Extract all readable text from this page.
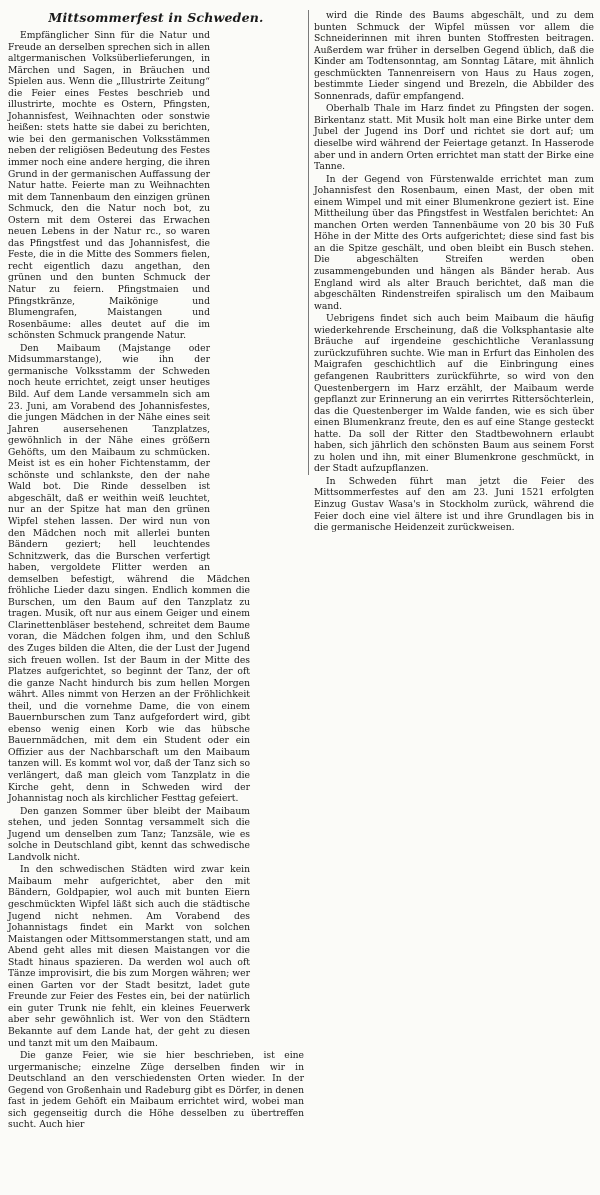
Mittsommerfest in Schweden.

Empfänglicher Sinn für die Natur und Freude an derselben sprechen sich in allen altgermanischen Volksüberlieferungen, in Märchen und Sagen, in Bräuchen und Spielen aus. Wenn die „Illustrirte Zeitung“ die Feier eines Festes beschrieb und illustrirte, mochte es Ostern, Pfingsten, Johannisfest, Weihnachten oder sonstwie heißen: stets hatte sie dabei zu berichten, wie bei den germanischen Volksstämmen neben der religiösen Bedeutung des Festes immer noch eine andere herging, die ihren Grund in der germanischen Auffassung der Natur hatte. Feierte man zu Weihnachten mit dem Tannenbaum den einzigen grünen Schmuck, den die Natur noch bot, zu Ostern mit dem Osterei das Erwachen neuen Lebens in der Natur rc., so waren das Pfingstfest und das Johannisfest, die Feste, die in die Mitte des Sommers fielen, recht eigentlich dazu angethan, den grünen und den bunten Schmuck der Natur zu feiern. Pfingstmaien und Pfingstkränze, Maikönige und Blumengrafen, Maistangen und Rosenbäume: alles deutet auf die im schönsten Schmuck prangende Natur.

Den Maibaum (Majstange oder Midsummarstange), wie ihn der germanische Volksstamm der Schweden noch heute errichtet, zeigt unser heutiges Bild. Auf dem Lande versammeln sich am 23. Juni, am Vorabend des Johannisfestes, die jungen Mädchen in der Nähe eines seit Jahren ausersehenen Tanzplatzes, gewöhnlich in der Nähe eines größern Gehöfts, um den Maibaum zu schmücken. Meist ist es ein hoher Fichtenstamm, der schönste und schlankste, den der nahe Wald bot. Die Rinde desselben ist abgeschält, daß er weithin weiß leuchtet, nur an der Spitze hat man den grünen Wipfel stehen lassen. Der wird nun von den Mädchen noch mit allerlei bunten Bändern geziert; hell leuchtendes Schnitzwerk, das die Burschen verfertigt haben, vergoldete Flitter werden an demselben befestigt, während die Mädchen fröhliche Lieder dazu singen. Endlich kommen die Burschen, um den Baum auf den Tanzplatz zu tragen. Musik, oft nur aus einem Geiger und einem Clarinettenbläser bestehend, schreitet dem Baume voran, die Mädchen folgen ihm, und den Schluß des Zuges bilden die Alten, die der Lust der Jugend sich freuen wollen. Ist der Baum in der Mitte des Platzes aufgerichtet, so beginnt der Tanz, der oft die ganze Nacht hindurch bis zum hellen Morgen währt. Alles nimmt von Herzen an der Fröhlichkeit theil, und die vornehme Dame, die von einem Bauernburschen zum Tanz aufgefordert wird, gibt ebenso wenig einen Korb wie das hübsche Bauernmädchen, mit dem ein Student oder ein Offizier aus der Nachbarschaft um den Maibaum tanzen will. Es kommt wol vor, daß der Tanz sich so verlängert, daß man gleich vom Tanzplatz in die Kirche geht, denn in Schweden wird der Johannistag noch als kirchlicher Festtag gefeiert.

Den ganzen Sommer über bleibt der Maibaum stehen, und jeden Sonntag versammelt sich die Jugend um denselben zum Tanz; Tanzsäle, wie es solche in Deutschland gibt, kennt das schwedische Landvolk nicht.

In den schwedischen Städten wird zwar kein Maibaum mehr aufgerichtet, aber den mit Bändern, Goldpapier, wol auch mit bunten Eiern geschmückten Wipfel läßt sich auch die städtische Jugend nicht nehmen. Am Vorabend des Johannistags findet ein Markt von solchen Maistangen oder Mittsommerstangen statt, und am Abend geht alles mit diesen Maistangen vor die Stadt hinaus spazieren. Da werden wol auch oft Tänze improvisirt, die bis zum Morgen währen; wer einen Garten vor der Stadt besitzt, ladet gute Freunde zur Feier des Festes ein, bei der natürlich ein guter Trunk nie fehlt, ein kleines Feuerwerk aber sehr gewöhnlich ist. Wer von den Städtern Bekannte auf dem Lande hat, der geht zu diesen und tanzt mit um den Maibaum.

Die ganze Feier, wie sie hier beschrieben, ist eine urgermanische; einzelne Züge derselben finden wir in Deutschland an den verschiedensten Orten wieder. In der Gegend von Großenhain und Radeburg gibt es Dörfer, in denen fast in jedem Gehöft ein Maibaum errichtet wird, wobei man sich gegenseitig durch die Höhe desselben zu übertreffen sucht. Auch hier

wird die Rinde des Baums abgeschält, und zu dem bunten Schmuck der Wipfel müssen vor allem die Schneiderinnen mit ihren bunten Stoffresten beitragen. Außerdem war früher in derselben Gegend üblich, daß die Kinder am Todtensonntag, am Sonntag Lätare, mit ähnlich geschmückten Tannenreisern von Haus zu Haus zogen, bestimmte Lieder singend und Brezeln, die Abbilder des Sonnenrads, dafür empfangend.

Oberhalb Thale im Harz findet zu Pfingsten der sogen. Birkentanz statt. Mit Musik holt man eine Birke unter dem Jubel der Jugend ins Dorf und richtet sie dort auf; um dieselbe wird während der Feiertage getanzt. In Hasserode aber und in andern Orten errichtet man statt der Birke eine Tanne.

In der Gegend von Fürstenwalde errichtet man zum Johannisfest den Rosenbaum, einen Mast, der oben mit einem Wimpel und mit einer Blumenkrone geziert ist. Eine Mittheilung über das Pfingstfest in Westfalen berichtet: An manchen Orten werden Tannenbäume von 20 bis 30 Fuß Höhe in der Mitte des Orts aufgerichtet; diese sind fast bis an die Spitze geschält, und oben bleibt ein Busch stehen. Die abgeschälten Streifen werden oben zusammengebunden und hängen als Bänder herab. Aus England wird als alter Brauch berichtet, daß man die abgeschälten Rindenstreifen spiralisch um den Maibaum wand.

Uebrigens findet sich auch beim Maibaum die häufig wiederkehrende Erscheinung, daß die Volksphantasie alte Bräuche auf irgendeine geschichtliche Veranlassung zurückzuführen suchte. Wie man in Erfurt das Einholen des Maigrafen geschichtlich auf die Einbringung eines gefangenen Raubritters zurückführte, so wird von den Questenbergern im Harz erzählt, der Maibaum werde gepflanzt zur Erinnerung an ein verirrtes Rittersöchterlein, das die Questenberger im Walde fanden, wie es sich über einen Blumenkranz freute, den es auf eine Stange gesteckt hatte. Da soll der Ritter den Stadtbewohnern erlaubt haben, sich jährlich den schönsten Baum aus seinem Forst zu holen und ihn, mit einer Blumenkrone geschmückt, in der Stadt aufzupflanzen.

In Schweden führt man jetzt die Feier des Mittsommerfestes auf den am 23. Juni 1521 erfolgten Einzug Gustav Wasa's in Stockholm zurück, während die Feier doch eine viel ältere ist und ihre Grundlagen bis in die germanische Heidenzeit zurückweisen.
